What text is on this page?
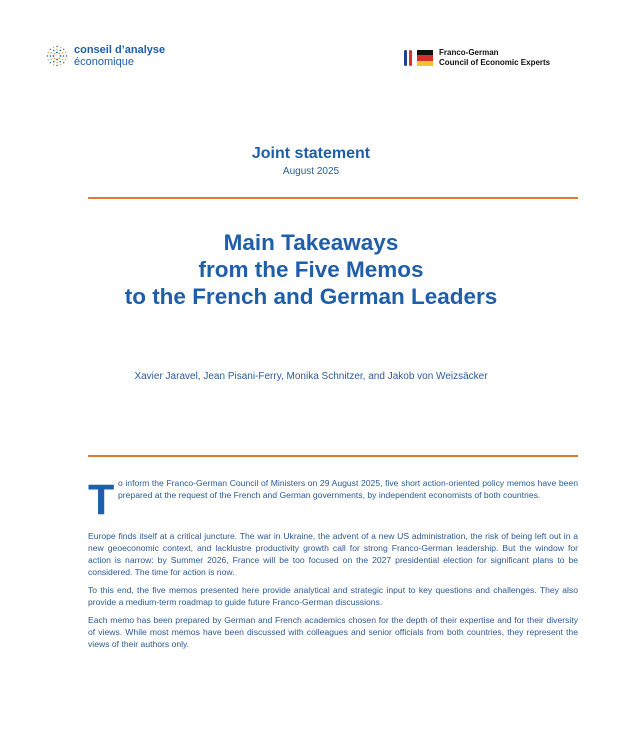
conseil d’analyse
économique
Franco-German
Council of Economic Experts
Joint statement
August 2025
Main Takeaways
from the Five Memos
to the French and German Leaders
Xavier Jaravel, Jean Pisani-Ferry, Monika Schnitzer, and Jakob von Weizsäcker
T o inform the Franco-German Council of Ministers on 29 August 2025, five short action-oriented policy memos have been prepared at the request of the French and German governments, by independent economists of both countries.

Europe finds itself at a critical juncture. The war in Ukraine, the advent of a new US administration, the risk of being left out in a new geoeconomic context, and lacklustre productivity growth call for strong Franco-German leadership. But the window for action is narrow: by Summer 2026, France will be too focused on the 2027 presidential election for significant plans to be considered. The time for action is now.

To this end, the five memos presented here provide analytical and strategic input to key questions and challenges. They also provide a medium-term roadmap to guide future Franco-German discussions.

Each memo has been prepared by German and French academics chosen for the depth of their expertise and for their diversity of views. While most memos have been discussed with colleagues and senior officials from both countries, they represent the views of their authors only.
